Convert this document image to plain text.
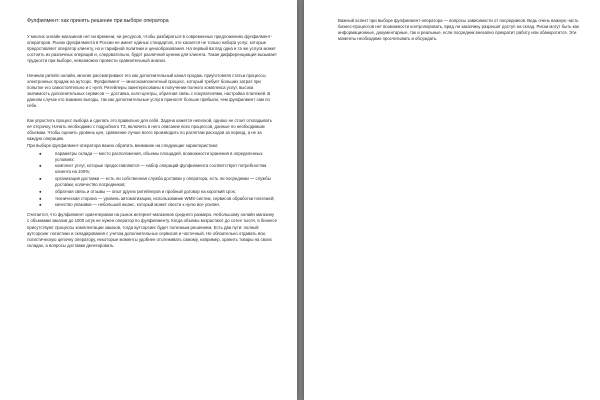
Фулфилмент: как принять решение при выборе оператора

У многих онлайн магазинов нет ни времени, ни ресурсов, чтобы разбираться в современных предложениях фулфилмент-операторов. Рынок фулфилмента в России не имеет единых стандартов, это касается не только набора услуг, которые предоставляет оператор клиенту, но и тарифной политики и ценообразования. На первый взгляд одна и та же услуга может состоять из различных операций и, следовательно, будет различной ценник для клиента. Такая дифференциация вызывает трудности при выборе, невозможно провести сравнительный анализ.

Начиная ритейл онлайн, многие рассматривают его как дополнительный канал продаж, приуготовляя статьи процессы электронных продаж на аутсорс. Фулфилмент — многокомпонентный процесс, который требует больших затрат при попытке его самостоятельно и с нуля. Ритейлеры заинтересованы в получении полного комплекса услуг, высока значимость дополнительных сервисов — доставка, колл-центры, обратная связь с покупателями, настройка платежей. В данном случае кто взаимно выгоды, так как дополнительные услуги приносят больше прибыли, чем фулфилмент сам по себе.

Как упростить процесс выбора и сделать это правильно для себя. Задача кажется нелегкой, однако не стоит откладывать её отсрочку. Начать необходимо с подробного ТЗ, включить в него описание всех процессов, данные по необходимым объемам. Чтобы оценить уровень цен, сравнение лучше всего производить по расчетам расходов за период, а не за каждую операцию.

При выборе фулфилмент-оператора важно обратить внимание на следующие характеристики:

●	параметры склада — место расположения, объемы площадей, возможности хранения в определенных условиях;
●	комплект услуг, которые предоставляются — набор операций фулфилмента соответствует потребностям клиента на 100%;
●	организация доставки — есть ли собственная служба доставки у оператора, есть ли посредники — службы доставки, количество посредников;
●	обратная связь и отзывы — опыт других ритейлеров и пробный договор на короткий срок;
●	техническая сторона — уровень автоматизации, использование WMS-систем, сервисов обработки платежей;
●	качество упаковки — небольшой нюанс, который может свести к нулю все усилия.

Считается, что фулфилмент ориентирован на рынок интернет-магазинов среднего размера. Небольшому онлайн магазину с объемами заказов до 1000 штук не нужен оператор по фулфилменту. Когда объемы возрастают до сотен тысяч, в бизнесе присутствуют процессы комплектации заказов, тогда аутсорсинг будет полезным решением. Есть два пути: полный аутсорсинг логистики и складирования с учетом дополнительных сервисов и частичный. Не обязательно отдавать всю логистическую цепочку оператору, некоторые моменты удобнее отслеживать самому, например, хранить товары на своих складах, а вопросы доставки делегировать.

Важный аспект при выборе фулфилмент-оператора — вопросы зависимости от посредников. Ведь очень важную часть бизнес-процессов нет возможности контролировать, вряд ли заказчику разрешат доступ на склад. Риски могут быть как информационные, документарные, так и реальные, если посредник внезапно прекратит работу или обанкротится. Эти моменты необходимо просчитывать и обсуждать.
